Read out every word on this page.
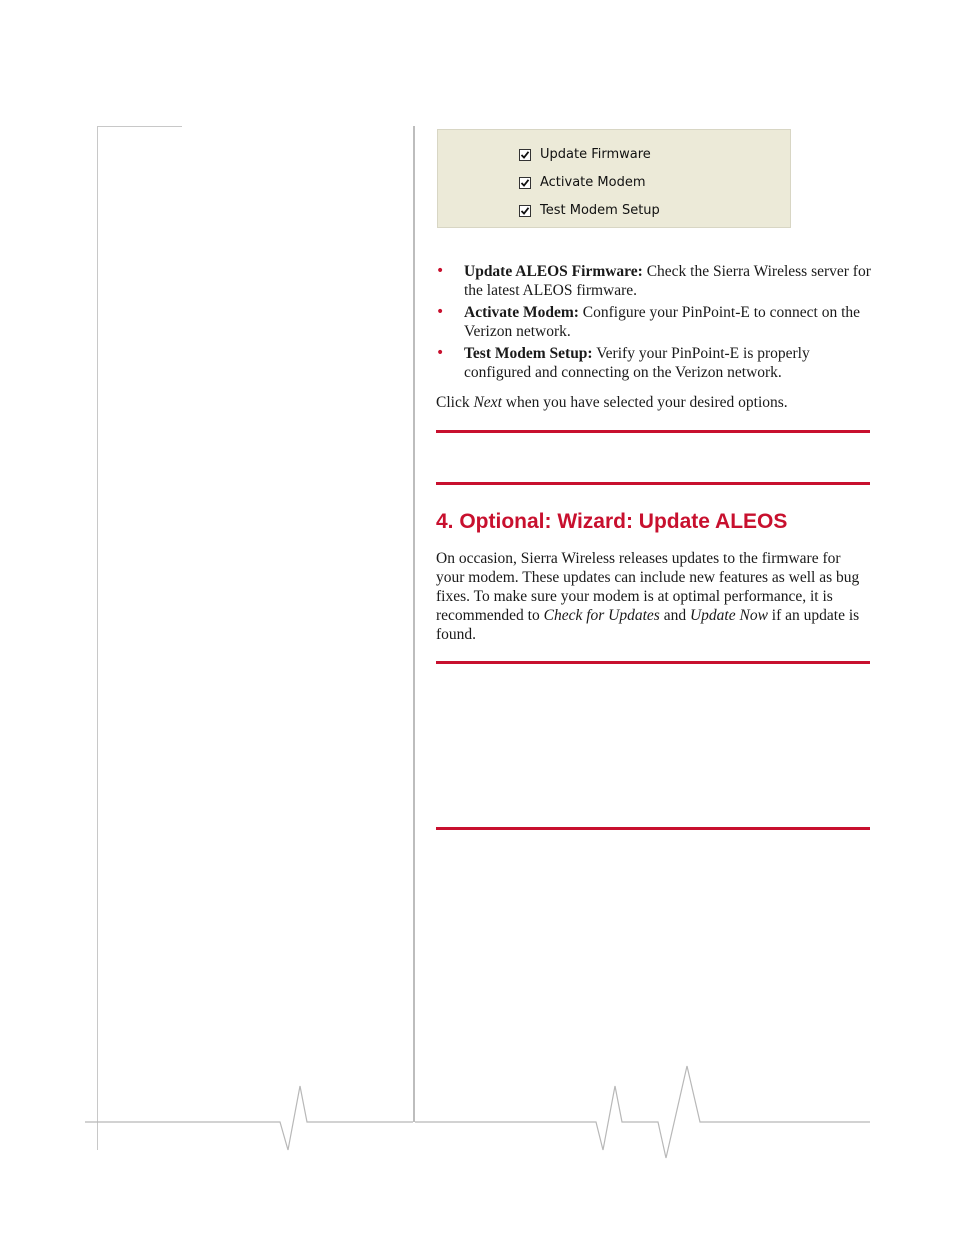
Update Firmware
Activate Modem
Test Modem Setup
• Update ALEOS Firmware: Check the Sierra Wireless server for the latest ALEOS firmware.
• Activate Modem: Configure your PinPoint-E to connect on the Verizon network.
• Test Modem Setup: Verify your PinPoint-E is properly configured and connecting on the Verizon network.

Click Next when you have selected your desired options.

4. Optional: Wizard: Update ALEOS

On occasion, Sierra Wireless releases updates to the firmware for your modem. These updates can include new features as well as bug fixes. To make sure your modem is at optimal performance, it is recommended to Check for Updates and Update Now if an update is found.
